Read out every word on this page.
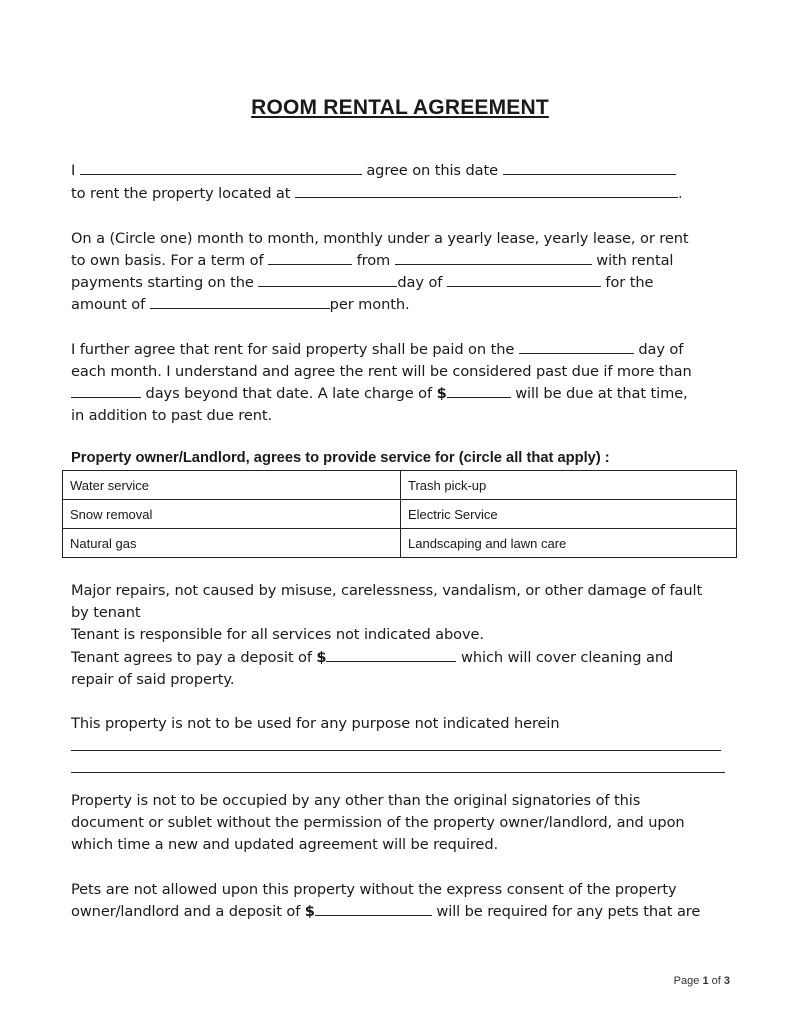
ROOM RENTAL AGREEMENT
I	agree on this date
to rent the property located at	.
On a (Circle one) month to month, monthly under a yearly lease, yearly lease, or rent
to own basis. For a term of	from	with rental
payments starting on the	day of	for the
amount of	per month.
I further agree that rent for said property shall be paid on the	day of
each month. I understand and agree the rent will be considered past due if more than
days beyond that date. A late charge of $	will be due at that time,
in addition to past due rent.
Property owner/Landlord, agrees to provide service for (circle all that apply) :
Water service	Trash pick-up
Snow removal	Electric Service
Natural gas	Landscaping and lawn care
Major repairs, not caused by misuse, carelessness, vandalism, or other damage of fault
by tenant
Tenant is responsible for all services not indicated above.
Tenant agrees to pay a deposit of $	which will cover cleaning and
repair of said property.
This property is not to be used for any purpose not indicated herein
Property is not to be occupied by any other than the original signatories of this
document or sublet without the permission of the property owner/landlord, and upon
which time a new and updated agreement will be required.
Pets are not allowed upon this property without the express consent of the property
owner/landlord and a deposit of $	will be required for any pets that are
Page 1 of 3
